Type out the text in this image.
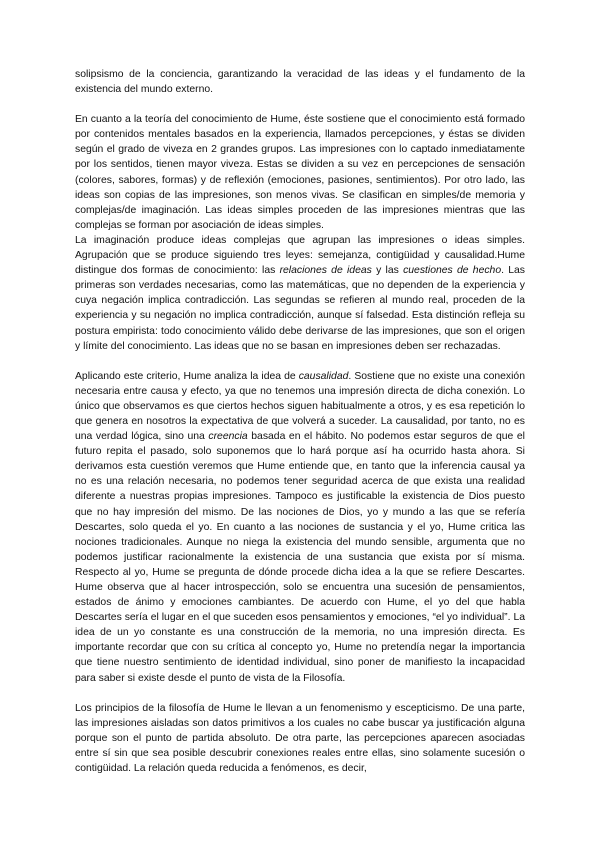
solipsismo de la conciencia, garantizando la veracidad de las ideas y el fundamento de la existencia del mundo externo.

En cuanto a la teoría del conocimiento de Hume, éste sostiene que el conocimiento está formado por contenidos mentales basados en la experiencia, llamados percepciones, y éstas se dividen según el grado de viveza en 2 grandes grupos. Las impresiones con lo captado inmediatamente por los sentidos, tienen mayor viveza. Estas se dividen a su vez en percepciones de sensación (colores, sabores, formas) y de reflexión (emociones, pasiones, sentimientos). Por otro lado, las ideas son copias de las impresiones, son menos vivas. Se clasifican en simples/de memoria y complejas/de imaginación. Las ideas simples proceden de las impresiones mientras que las complejas se forman por asociación de ideas simples.

La imaginación produce ideas complejas que agrupan las impresiones o ideas simples. Agrupación que se produce siguiendo tres leyes: semejanza, contigüidad y causalidad.Hume distingue dos formas de conocimiento: las relaciones de ideas y las cuestiones de hecho. Las primeras son verdades necesarias, como las matemáticas, que no dependen de la experiencia y cuya negación implica contradicción. Las segundas se refieren al mundo real, proceden de la experiencia y su negación no implica contradicción, aunque sí falsedad. Esta distinción refleja su postura empirista: todo conocimiento válido debe derivarse de las impresiones, que son el origen y límite del conocimiento. Las ideas que no se basan en impresiones deben ser rechazadas.

Aplicando este criterio, Hume analiza la idea de causalidad. Sostiene que no existe una conexión necesaria entre causa y efecto, ya que no tenemos una impresión directa de dicha conexión. Lo único que observamos es que ciertos hechos siguen habitualmente a otros, y es esa repetición lo que genera en nosotros la expectativa de que volverá a suceder. La causalidad, por tanto, no es una verdad lógica, sino una creencia basada en el hábito. No podemos estar seguros de que el futuro repita el pasado, solo suponemos que lo hará porque así ha ocurrido hasta ahora. Si derivamos esta cuestión veremos que Hume entiende que, en tanto que la inferencia causal ya no es una relación necesaria, no podemos tener seguridad acerca de que exista una realidad diferente a nuestras propias impresiones. Tampoco es justificable la existencia de Dios puesto que no hay impresión del mismo. De las nociones de Dios, yo y mundo a las que se refería Descartes, solo queda el yo. En cuanto a las nociones de sustancia y el yo, Hume critica las nociones tradicionales. Aunque no niega la existencia del mundo sensible, argumenta que no podemos justificar racionalmente la existencia de una sustancia que exista por sí misma. Respecto al yo, Hume se pregunta de dónde procede dicha idea a la que se refiere Descartes. Hume observa que al hacer introspección, solo se encuentra una sucesión de pensamientos, estados de ánimo y emociones cambiantes. De acuerdo con Hume, el yo del que habla Descartes sería el lugar en el que suceden esos pensamientos y emociones, “el yo individual”. La idea de un yo constante es una construcción de la memoria, no una impresión directa. Es importante recordar que con su crítica al concepto yo, Hume no pretendía negar la importancia que tiene nuestro sentimiento de identidad individual, sino poner de manifiesto la incapacidad para saber si existe desde el punto de vista de la Filosofía.

Los principios de la filosofía de Hume le llevan a un fenomenismo y escepticismo. De una parte, las impresiones aisladas son datos primitivos a los cuales no cabe buscar ya justificación alguna porque son el punto de partida absoluto. De otra parte, las percepciones aparecen asociadas entre sí sin que sea posible descubrir conexiones reales entre ellas, sino solamente sucesión o contigüidad. La relación queda reducida a fenómenos, es decir,
